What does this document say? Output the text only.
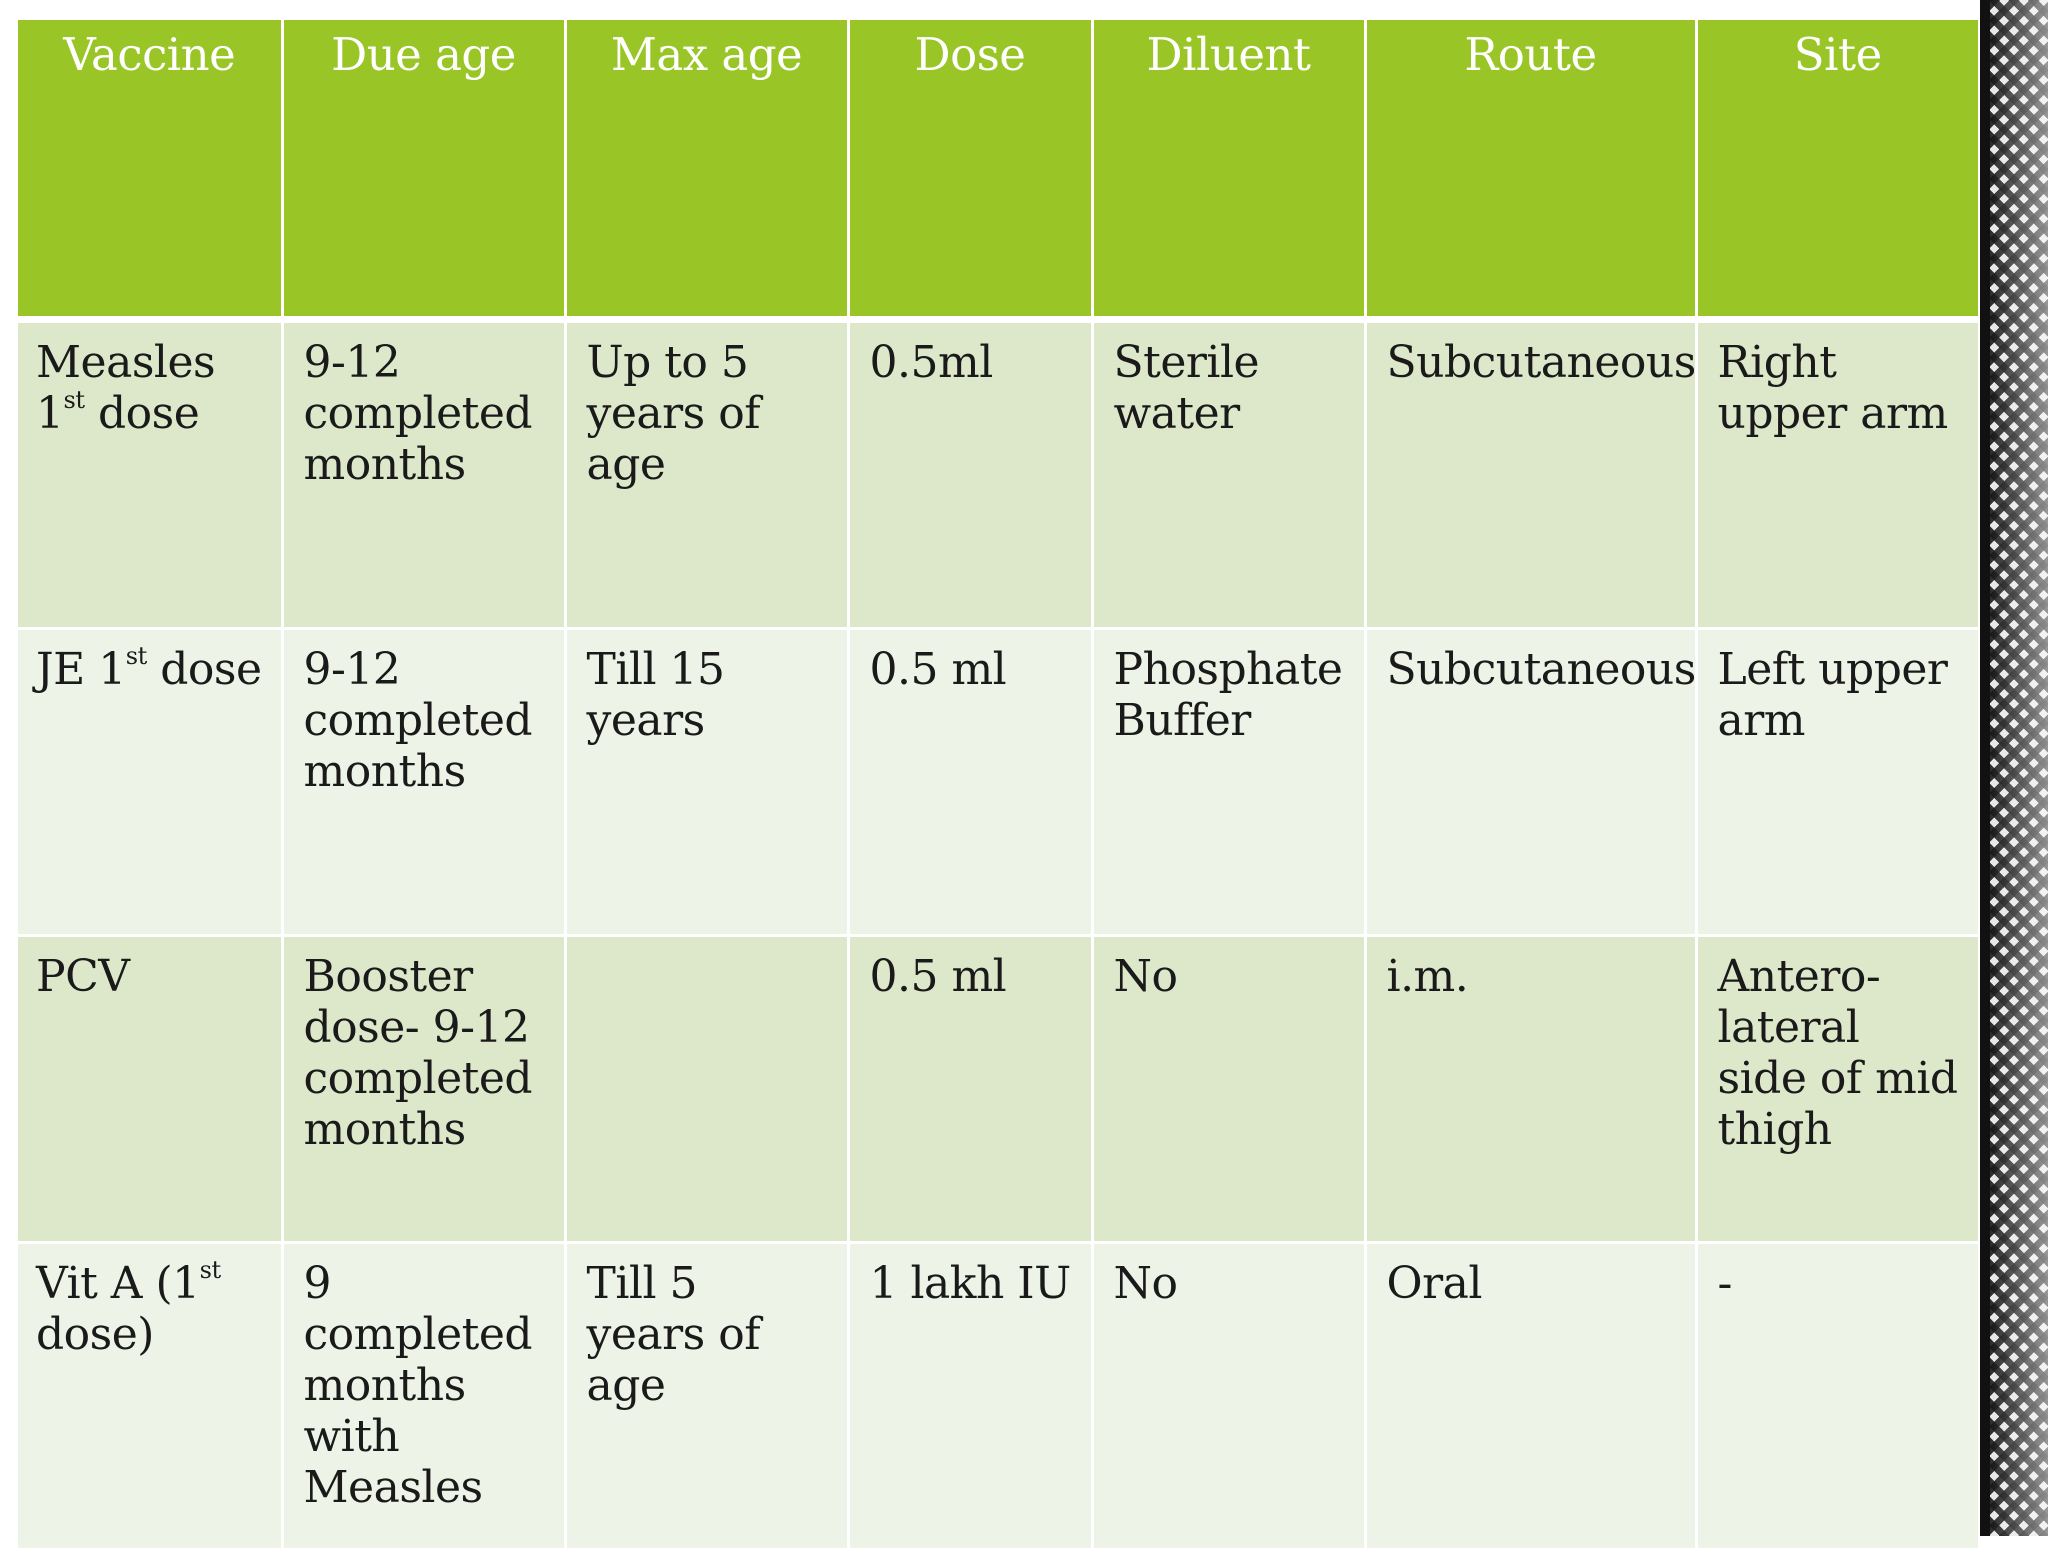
Vaccine	Due age	Max age	Dose	Diluent	Route	Site
Measles 1st dose	9-12 completed months	Up to 5 years of age	0.5ml	Sterile water	Subcutaneous	Right upper arm
JE 1st dose	9-12 completed months	Till 15 years	0.5 ml	Phosphate Buffer	Subcutaneous	Left upper arm
PCV	Booster dose- 9-12 completed months		0.5 ml	No	i.m.	Antero-lateral side of mid thigh
Vit A (1st dose)	9 completed months with Measles	Till 5 years of age	1 lakh IU	No	Oral	-
